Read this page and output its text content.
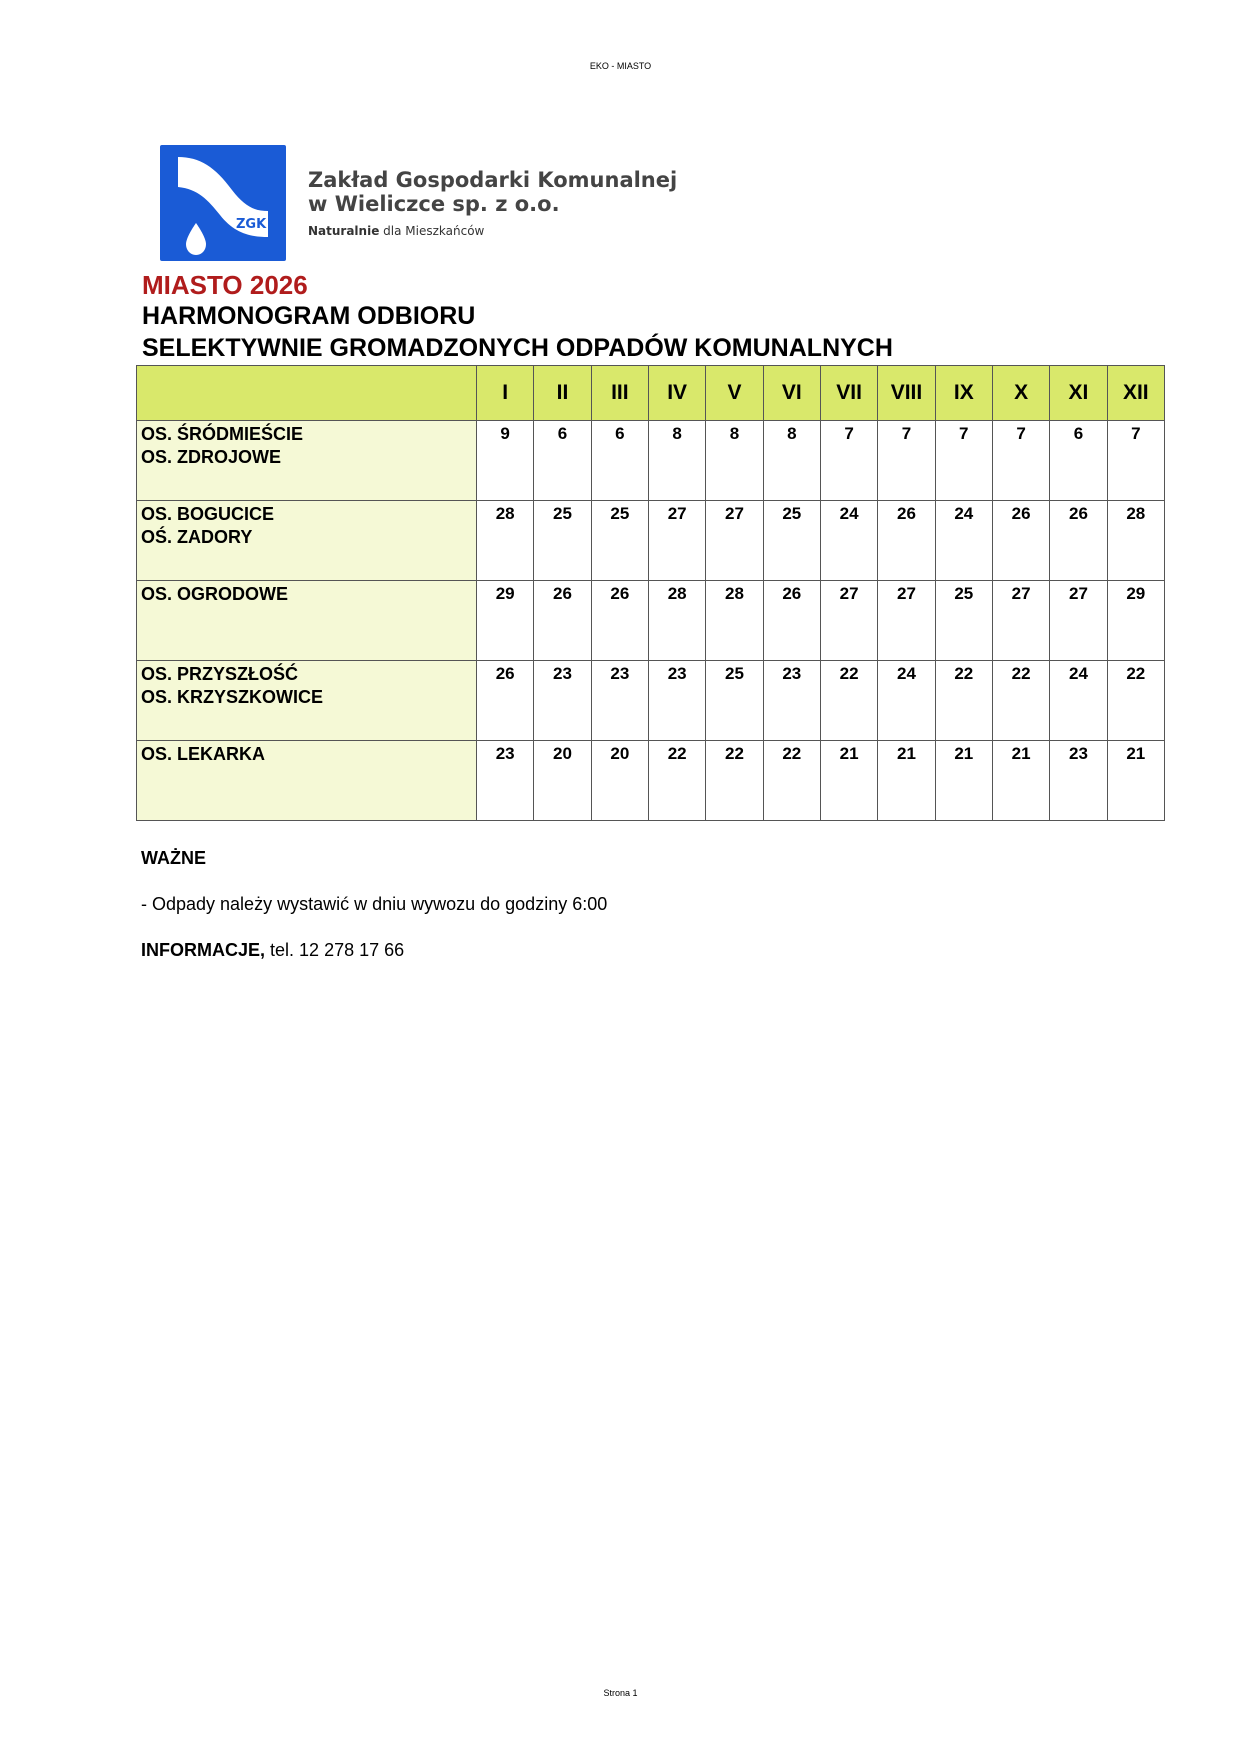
EKO - MIASTO
ZGK
Zakład Gospodarki Komunalnej
w Wieliczce sp. z o.o.
Naturalnie dla Mieszkańców
MIASTO 2026
HARMONOGRAM ODBIORU
SELEKTYWNIE GROMADZONYCH ODPADÓW KOMUNALNYCH
	I	II	III	IV	V	VI	VII	VIII	IX	X	XI	XII

OS. ŚRÓDMIEŚCIE
OS. ZDROJOWE	9	6	6	8	8	8	7	7	7	7	6	7

OS. BOGUCICE
OŚ. ZADORY	28	25	25	27	27	25	24	26	24	26	26	28

OS. OGRODOWE	29	26	26	28	28	26	27	27	25	27	27	29

OS. PRZYSZŁOŚĆ
OS. KRZYSZKOWICE	26	23	23	23	25	23	22	24	22	22	24	22

OS. LEKARKA	23	20	20	22	22	22	21	21	21	21	23	21
WAŻNE
- Odpady należy wystawić w dniu wywozu do godziny 6:00
INFORMACJE, tel. 12 278 17 66
Strona 1
